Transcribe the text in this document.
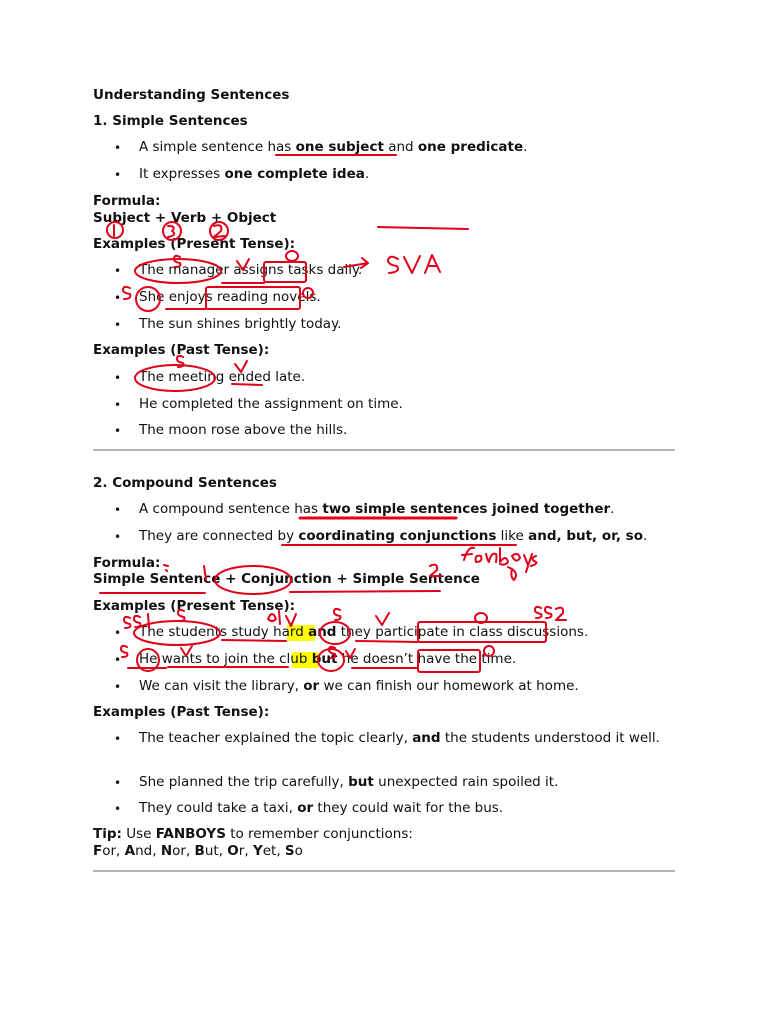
Understanding Sentences
1. Simple Sentences
• A simple sentence has one subject and one predicate.
• It expresses one complete idea.
Formula:
Subject + Verb + Object
Examples (Present Tense):
• The manager assigns tasks daily.
• She enjoys reading novels.
• The sun shines brightly today.
Examples (Past Tense):
• The meeting ended late.
• He completed the assignment on time.
• The moon rose above the hills.
2. Compound Sentences
• A compound sentence has two simple sentences joined together.
• They are connected by coordinating conjunctions like and, but, or, so.
Formula:
Simple Sentence + Conjunction + Simple Sentence
Examples (Present Tense):
• The students study hard and they participate in class discussions.
• He wants to join the club but he doesn’t have the time.
• We can visit the library, or we can finish our homework at home.
Examples (Past Tense):
• The teacher explained the topic clearly, and the students understood it well.
• She planned the trip carefully, but unexpected rain spoiled it.
• They could take a taxi, or they could wait for the bus.
Tip: Use FANBOYS to remember conjunctions:
For, And, Nor, But, Or, Yet, So
